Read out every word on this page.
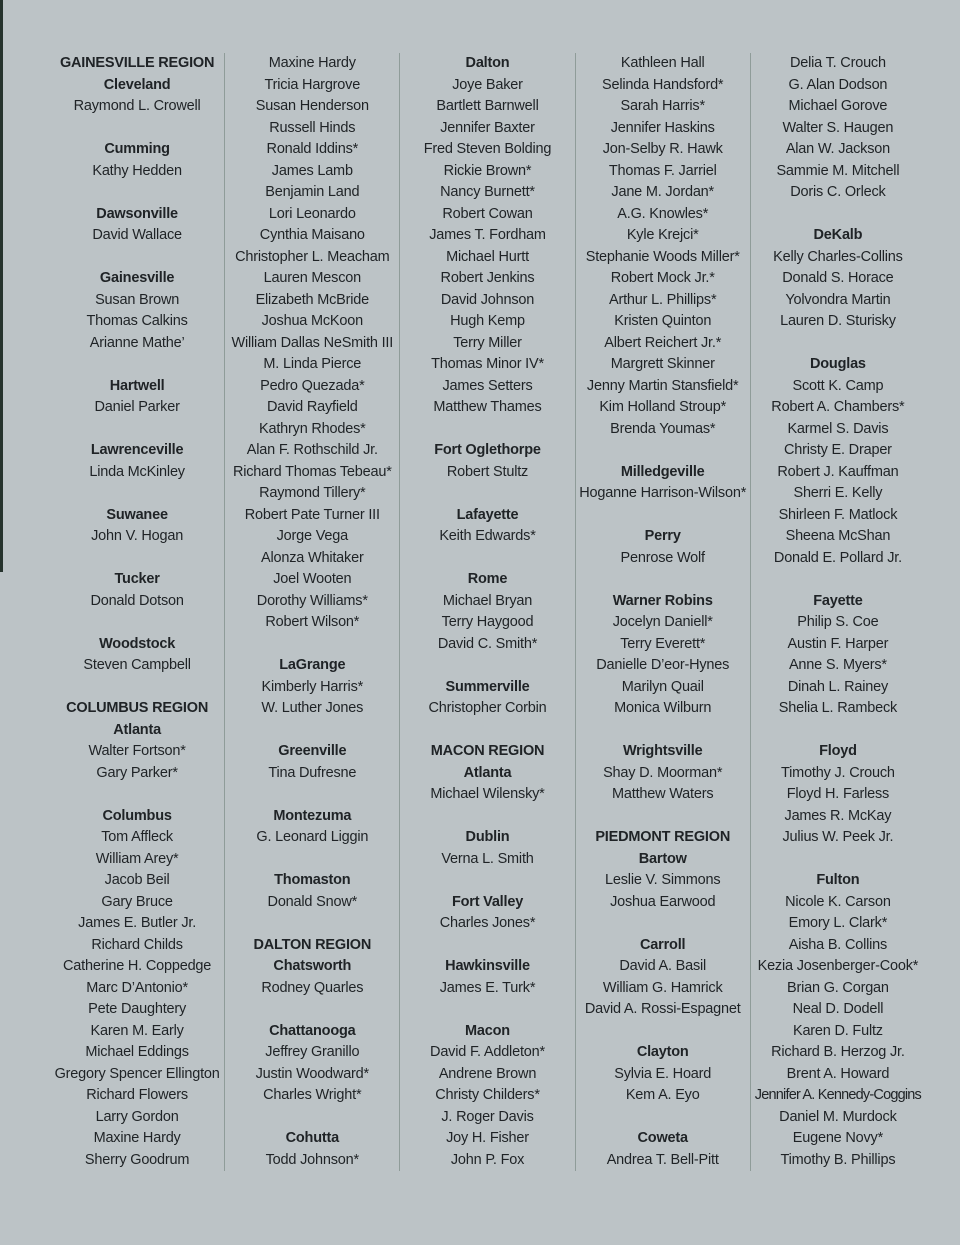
GAINESVILLE REGION
Cleveland
Raymond L. Crowell
Cumming
Kathy Hedden
Dawsonville
David Wallace
Gainesville
Susan Brown
Thomas Calkins
Arianne Mathe’
Hartwell
Daniel Parker
Lawrenceville
Linda McKinley
Suwanee
John V. Hogan
Tucker
Donald Dotson
Woodstock
Steven Campbell
COLUMBUS REGION
Atlanta
Walter Fortson*
Gary Parker*
Columbus
Tom Affleck
William Arey*
Jacob Beil
Gary Bruce
James E. Butler Jr.
Richard Childs
Catherine H. Coppedge
Marc D’Antonio*
Pete Daughtery
Karen M. Early
Michael Eddings
Gregory Spencer Ellington
Richard Flowers
Larry Gordon
Maxine Hardy
Sherry Goodrum
Maxine Hardy
Tricia Hargrove
Susan Henderson
Russell Hinds
Ronald Iddins*
James Lamb
Benjamin Land
Lori Leonardo
Cynthia Maisano
Christopher L. Meacham
Lauren Mescon
Elizabeth McBride
Joshua McKoon
William Dallas NeSmith III
M. Linda Pierce
Pedro Quezada*
David Rayfield
Kathryn Rhodes*
Alan F. Rothschild Jr.
Richard Thomas Tebeau*
Raymond Tillery*
Robert Pate Turner III
Jorge Vega
Alonza Whitaker
Joel Wooten
Dorothy Williams*
Robert Wilson*
LaGrange
Kimberly Harris*
W. Luther Jones
Greenville
Tina Dufresne
Montezuma
G. Leonard Liggin
Thomaston
Donald Snow*
DALTON REGION
Chatsworth
Rodney Quarles
Chattanooga
Jeffrey Granillo
Justin Woodward*
Charles Wright*
Cohutta
Todd Johnson*
Dalton
Joye Baker
Bartlett Barnwell
Jennifer Baxter
Fred Steven Bolding
Rickie Brown*
Nancy Burnett*
Robert Cowan
James T. Fordham
Michael Hurtt
Robert Jenkins
David Johnson
Hugh Kemp
Terry Miller
Thomas Minor IV*
James Setters
Matthew Thames
Fort Oglethorpe
Robert Stultz
Lafayette
Keith Edwards*
Rome
Michael Bryan
Terry Haygood
David C. Smith*
Summerville
Christopher Corbin
MACON REGION
Atlanta
Michael Wilensky*
Dublin
Verna L. Smith
Fort Valley
Charles Jones*
Hawkinsville
James E. Turk*
Macon
David F. Addleton*
Andrene Brown
Christy Childers*
J. Roger Davis
Joy H. Fisher
John P. Fox
Kathleen Hall
Selinda Handsford*
Sarah Harris*
Jennifer Haskins
Jon-Selby R. Hawk
Thomas F. Jarriel
Jane M. Jordan*
A.G. Knowles*
Kyle Krejci*
Stephanie Woods Miller*
Robert Mock Jr.*
Arthur L. Phillips*
Kristen Quinton
Albert Reichert Jr.*
Margrett Skinner
Jenny Martin Stansfield*
Kim Holland Stroup*
Brenda Youmas*
Milledgeville
Hoganne Harrison-Wilson*
Perry
Penrose Wolf
Warner Robins
Jocelyn Daniell*
Terry Everett*
Danielle D’eor-Hynes
Marilyn Quail
Monica Wilburn
Wrightsville
Shay D. Moorman*
Matthew Waters
PIEDMONT REGION
Bartow
Leslie V. Simmons
Joshua Earwood
Carroll
David A. Basil
William G. Hamrick
David A. Rossi-Espagnet
Clayton
Sylvia E. Hoard
Kem A. Eyo
Coweta
Andrea T. Bell-Pitt
Delia T. Crouch
G. Alan Dodson
Michael Gorove
Walter S. Haugen
Alan W. Jackson
Sammie M. Mitchell
Doris C. Orleck
DeKalb
Kelly Charles-Collins
Donald S. Horace
Yolvondra Martin
Lauren D. Sturisky
Douglas
Scott K. Camp
Robert A. Chambers*
Karmel S. Davis
Christy E. Draper
Robert J. Kauffman
Sherri E. Kelly
Shirleen F. Matlock
Sheena McShan
Donald E. Pollard Jr.
Fayette
Philip S. Coe
Austin F. Harper
Anne S. Myers*
Dinah L. Rainey
Shelia L. Rambeck
Floyd
Timothy J. Crouch
Floyd H. Farless
James R. McKay
Julius W. Peek Jr.
Fulton
Nicole K. Carson
Emory L. Clark*
Aisha B. Collins
Kezia Josenberger-Cook*
Brian G. Corgan
Neal D. Dodell
Karen D. Fultz
Richard B. Herzog Jr.
Brent A. Howard
Jennifer A. Kennedy-Coggins
Daniel M. Murdock
Eugene Novy*
Timothy B. Phillips
